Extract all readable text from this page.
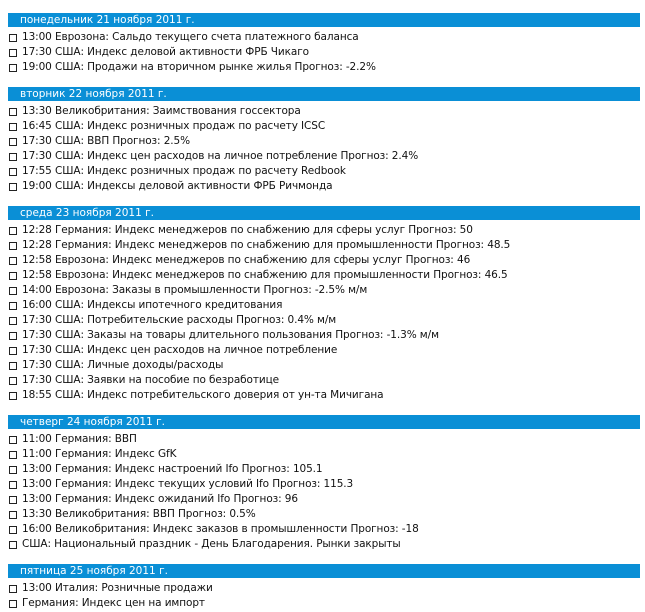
понедельник 21 ноября 2011 г.
13:00 Еврозона: Сальдо текущего счета платежного баланса
17:30 США: Индекс деловой активности ФРБ Чикаго
19:00 США: Продажи на вторичном рынке жилья Прогноз: -2.2%
вторник 22 ноября 2011 г.
13:30 Великобритания: Заимствования госсектора
16:45 США: Индекс розничных продаж по расчету ICSC
17:30 США: ВВП Прогноз: 2.5%
17:30 США: Индекс цен расходов на личное потребление Прогноз: 2.4%
17:55 США: Индекс розничных продаж по расчету Redbook
19:00 США: Индексы деловой активности ФРБ Ричмонда
среда 23 ноября 2011 г.
12:28 Германия: Индекс менеджеров по снабжению для сферы услуг Прогноз: 50
12:28 Германия: Индекс менеджеров по снабжению для промышленности Прогноз: 48.5
12:58 Еврозона: Индекс менеджеров по снабжению для сферы услуг Прогноз: 46
12:58 Еврозона: Индекс менеджеров по снабжению для промышленности Прогноз: 46.5
14:00 Еврозона: Заказы в промышленности Прогноз: -2.5% м/м
16:00 США: Индексы ипотечного кредитования
17:30 США: Потребительские расходы Прогноз: 0.4% м/м
17:30 США: Заказы на товары длительного пользования Прогноз: -1.3% м/м
17:30 США: Индекс цен расходов на личное потребление
17:30 США: Личные доходы/расходы
17:30 США: Заявки на пособие по безработице
18:55 США: Индекс потребительского доверия от ун-та Мичигана
четверг 24 ноября 2011 г.
11:00 Германия: ВВП
11:00 Германия: Индекс GfK
13:00 Германия: Индекс настроений Ifo Прогноз: 105.1
13:00 Германия: Индекс текущих условий Ifo Прогноз: 115.3
13:00 Германия: Индекс ожиданий Ifo Прогноз: 96
13:30 Великобритания: ВВП Прогноз: 0.5%
16:00 Великобритания: Индекс заказов в промышленности Прогноз: -18
США: Национальный праздник - День Благодарения. Рынки закрыты
пятница 25 ноября 2011 г.
13:00 Италия: Розничные продажи
Германия: Индекс цен на импорт
